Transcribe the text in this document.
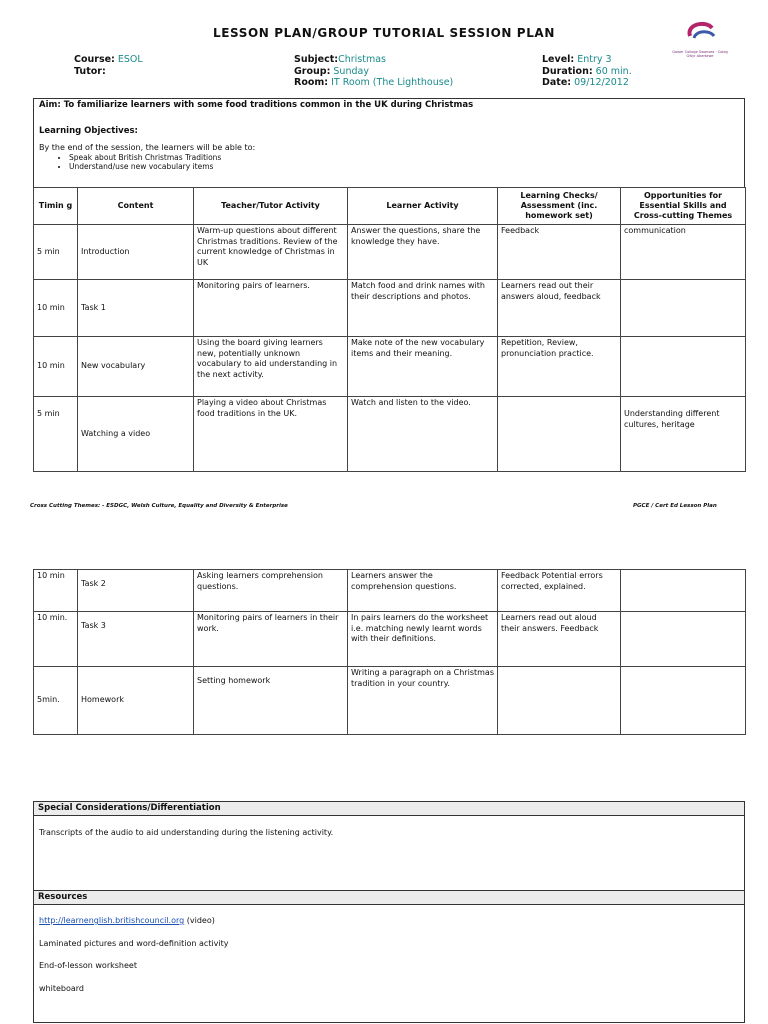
LESSON PLAN/GROUP TUTORIAL SESSION PLAN
Gower College Swansea · Coleg Gŵyr Abertawe
Course: ESOL
Tutor:
Subject:Christmas
Group: Sunday
Room: IT Room (The Lighthouse)
Level: Entry 3
Duration: 60 min.
Date: 09/12/2012
Aim: To familiarize learners with some food traditions common in the UK during Christmas
Learning Objectives:
By the end of the session, the learners will be able to:
• Speak about British Christmas Traditions
• Understand/use new vocabulary items
Timin g	Content	Teacher/Tutor Activity	Learner Activity	Learning Checks/ Assessment (inc. homework set)	Opportunities for Essential Skills and Cross-cutting Themes
5 min	Introduction	Warm-up questions about different Christmas traditions. Review of the current knowledge of Christmas in UK	Answer the questions, share the knowledge they have.	Feedback	communication
10 min	Task 1	Monitoring pairs of learners.	Match food and drink names with their descriptions and photos.	Learners read out their answers aloud, feedback	
10 min	New vocabulary	Using the board giving learners new, potentially unknown vocabulary to aid understanding in the next activity.	Make note of the new vocabulary items and their meaning.	Repetition, Review, pronunciation practice.	
5 min	Watching a video	Playing a video about Christmas food traditions in the UK.	Watch and listen to the video.		Understanding different cultures, heritage
Cross Cutting Themes: - ESDGC, Welsh Culture, Equality and Diversity & Enterprise	PGCE / Cert Ed Lesson Plan
10 min	Task 2	Asking learners comprehension questions.	Learners answer the comprehension questions.	Feedback Potential errors corrected, explained.	
10 min.	Task 3	Monitoring pairs of learners in their work.	In pairs learners do the worksheet i.e. matching newly learnt words with their definitions.	Learners read out aloud their answers. Feedback	
5min.	Homework	Setting homework	Writing a paragraph on a Christmas tradition in your country.		
Special Considerations/Differentiation
Transcripts of the audio to aid understanding during the listening activity.
Resources
http://learnenglish.britishcouncil.org (video)
Laminated pictures and word-definition activity
End-of-lesson worksheet
whiteboard
